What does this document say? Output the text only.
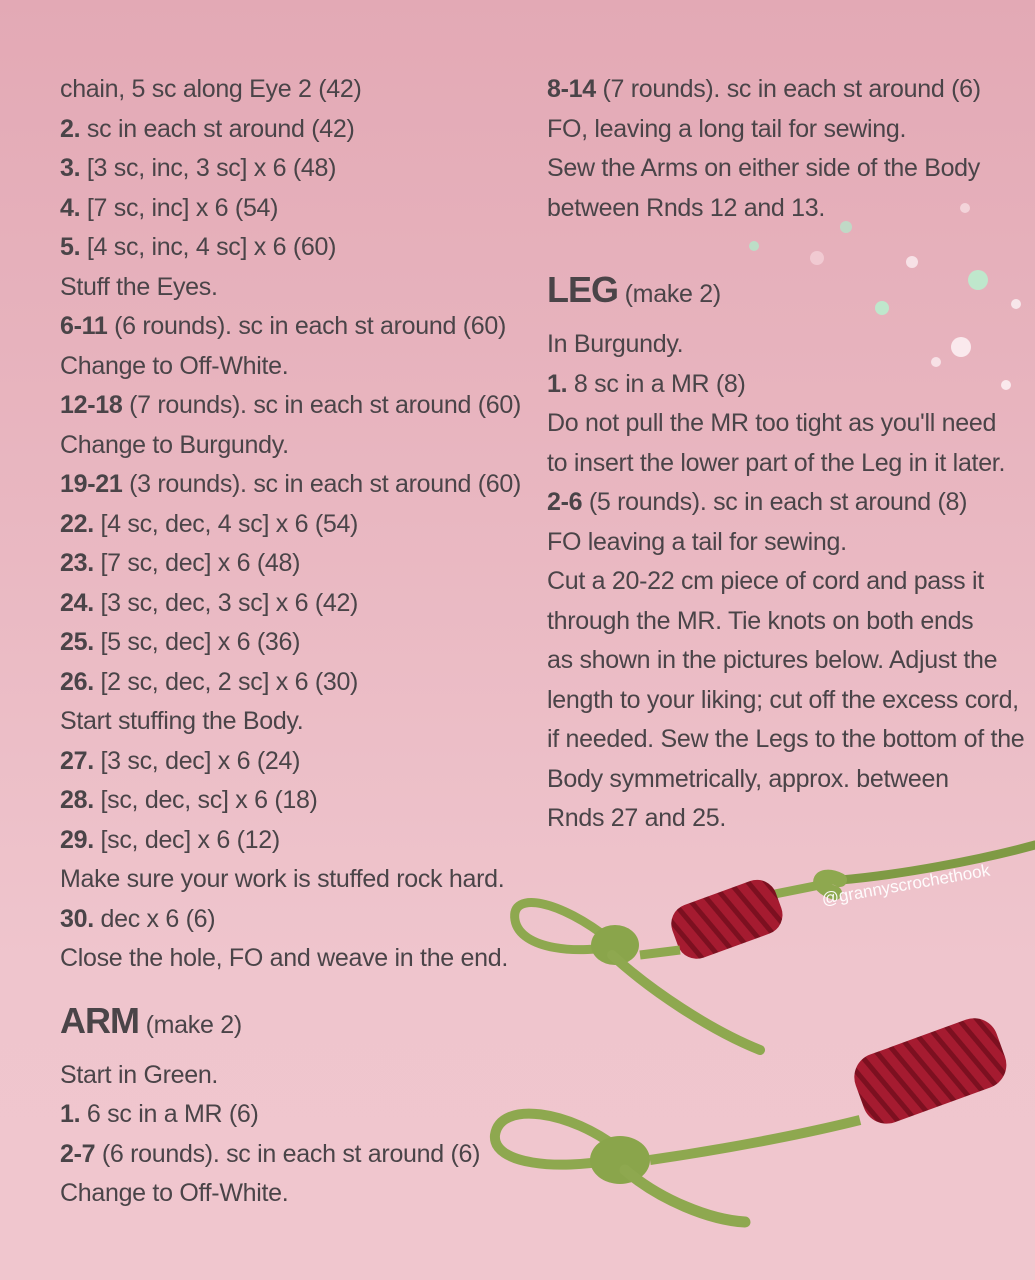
@grannyscrochethook
chain, 5 sc along Eye 2 (42)
2. sc in each st around (42)
3. [3 sc, inc, 3 sc] x 6 (48)
4. [7 sc, inc] x 6 (54)
5. [4 sc, inc, 4 sc] x 6 (60)
Stuff the Eyes.
6-11 (6 rounds). sc in each st around (60)
Change to Off-White.
12-18 (7 rounds). sc in each st around (60)
Change to Burgundy.
19-21 (3 rounds). sc in each st around (60)
22. [4 sc, dec, 4 sc] x 6 (54)
23. [7 sc, dec] x 6 (48)
24. [3 sc, dec, 3 sc] x 6 (42)
25. [5 sc, dec] x 6 (36)
26. [2 sc, dec, 2 sc] x 6 (30)
Start stuffing the Body.
27. [3 sc, dec] x 6 (24)
28. [sc, dec, sc] x 6 (18)
29. [sc, dec] x 6 (12)
Make sure your work is stuffed rock hard.
30. dec x 6 (6)
Close the hole, FO and weave in the end.
ARM (make 2)
Start in Green.
1. 6 sc in a MR (6)
2-7 (6 rounds). sc in each st around (6)
Change to Off-White.
8-14 (7 rounds). sc in each st around (6)
FO, leaving a long tail for sewing.
Sew the Arms on either side of the Body
between Rnds 12 and 13.
LEG (make 2)
In Burgundy.
1. 8 sc in a MR (8)
Do not pull the MR too tight as you'll need
to insert the lower part of the Leg in it later.
2-6 (5 rounds). sc in each st around (8)
FO leaving a tail for sewing.
Cut a 20-22 cm piece of cord and pass it
through the MR. Tie knots on both ends
as shown in the pictures below. Adjust the
length to your liking; cut off the excess cord,
if needed. Sew the Legs to the bottom of the
Body symmetrically, approx. between
Rnds 27 and 25.
